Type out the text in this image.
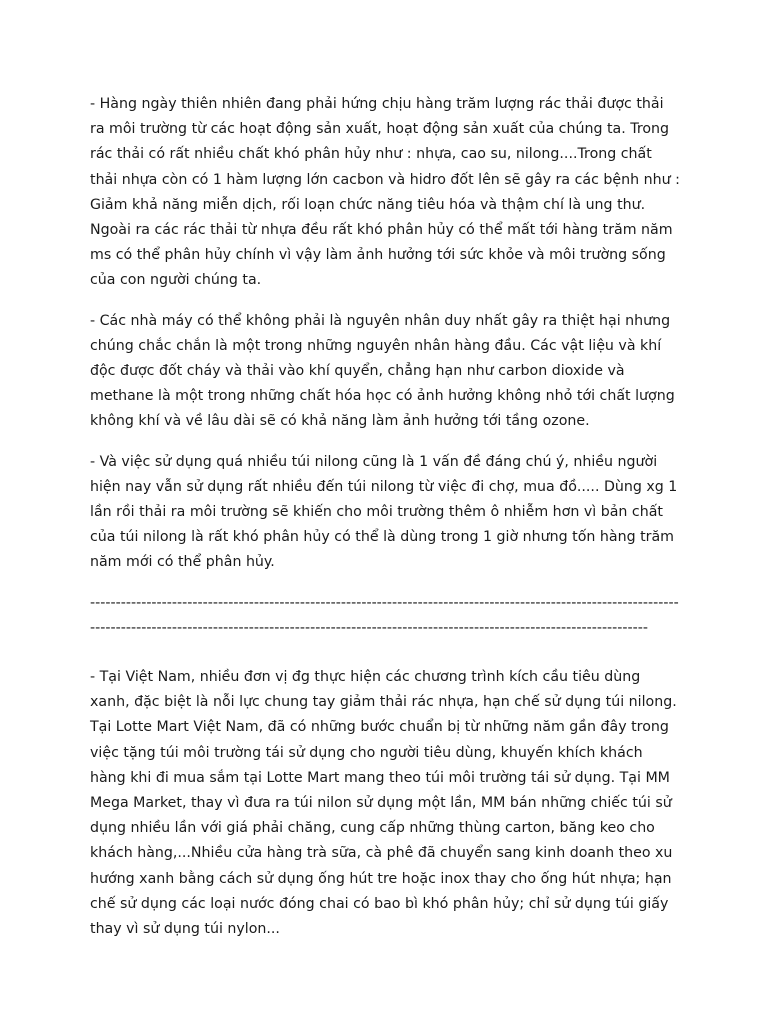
- Hàng ngày thiên nhiên đang phải hứng chịu hàng trăm lượng rác thải được thải ra môi trường từ các hoạt động sản xuất, hoạt động sản xuất của chúng ta. Trong rác thải có rất nhiều chất khó phân hủy như : nhựa, cao su, nilong....Trong chất thải nhựa còn có 1 hàm lượng lớn cacbon và hidro đốt lên sẽ gây ra các bệnh như : Giảm khả năng miễn dịch, rối loạn chức năng tiêu hóa và thậm chí là ung thư. Ngoài ra các rác thải từ nhựa đều rất khó phân hủy có thể mất tới hàng trăm năm ms có thể phân hủy chính vì vậy làm ảnh hưởng tới sức khỏe và môi trường sống của con người chúng ta.

- Các nhà máy có thể không phải là nguyên nhân duy nhất gây ra thiệt hại nhưng chúng chắc chắn là một trong những nguyên nhân hàng đầu. Các vật liệu và khí độc được đốt cháy và thải vào khí quyển, chẳng hạn như carbon dioxide và methane là một trong những chất hóa học có ảnh hưởng không nhỏ tới chất lượng không khí và về lâu dài sẽ có khả năng làm ảnh hưởng tới tầng ozone.

- Và việc sử dụng quá nhiều túi nilong cũng là 1 vấn đề đáng chú ý, nhiều người hiện nay vẫn sử dụng rất nhiều đến túi nilong từ việc đi chợ, mua đồ..... Dùng xg 1 lần rồi thải ra môi trường sẽ khiến cho môi trường thêm ô nhiễm hơn vì bản chất của túi nilong là rất khó phân hủy có thể là dùng trong 1 giờ nhưng tốn hàng trăm năm mới có thể phân hủy.

--------------------------------------------------------------------------------------------------------------------------------------------------------------------------------------------------------------------------------

- Tại Việt Nam, nhiều đơn vị đg thực hiện các chương trình kích cầu tiêu dùng xanh, đặc biệt là nỗi lực chung tay giảm thải rác nhựa, hạn chế sử dụng túi nilong. Tại Lotte Mart Việt Nam, đã có những bước chuẩn bị từ những năm gần đây trong việc tặng túi môi trường tái sử dụng cho người tiêu dùng, khuyến khích khách hàng khi đi mua sắm tại Lotte Mart mang theo túi môi trường tái sử dụng. Tại MM Mega Market, thay vì đưa ra túi nilon sử dụng một lần, MM bán những chiếc túi sử dụng nhiều lần với giá phải chăng, cung cấp những thùng carton, băng keo cho khách hàng,...Nhiều cửa hàng trà sữa, cà phê đã chuyển sang kinh doanh theo xu hướng xanh bằng cách sử dụng ống hút tre hoặc inox thay cho ống hút nhựa; hạn chế sử dụng các loại nước đóng chai có bao bì khó phân hủy; chỉ sử dụng túi giấy thay vì sử dụng túi nylon...
